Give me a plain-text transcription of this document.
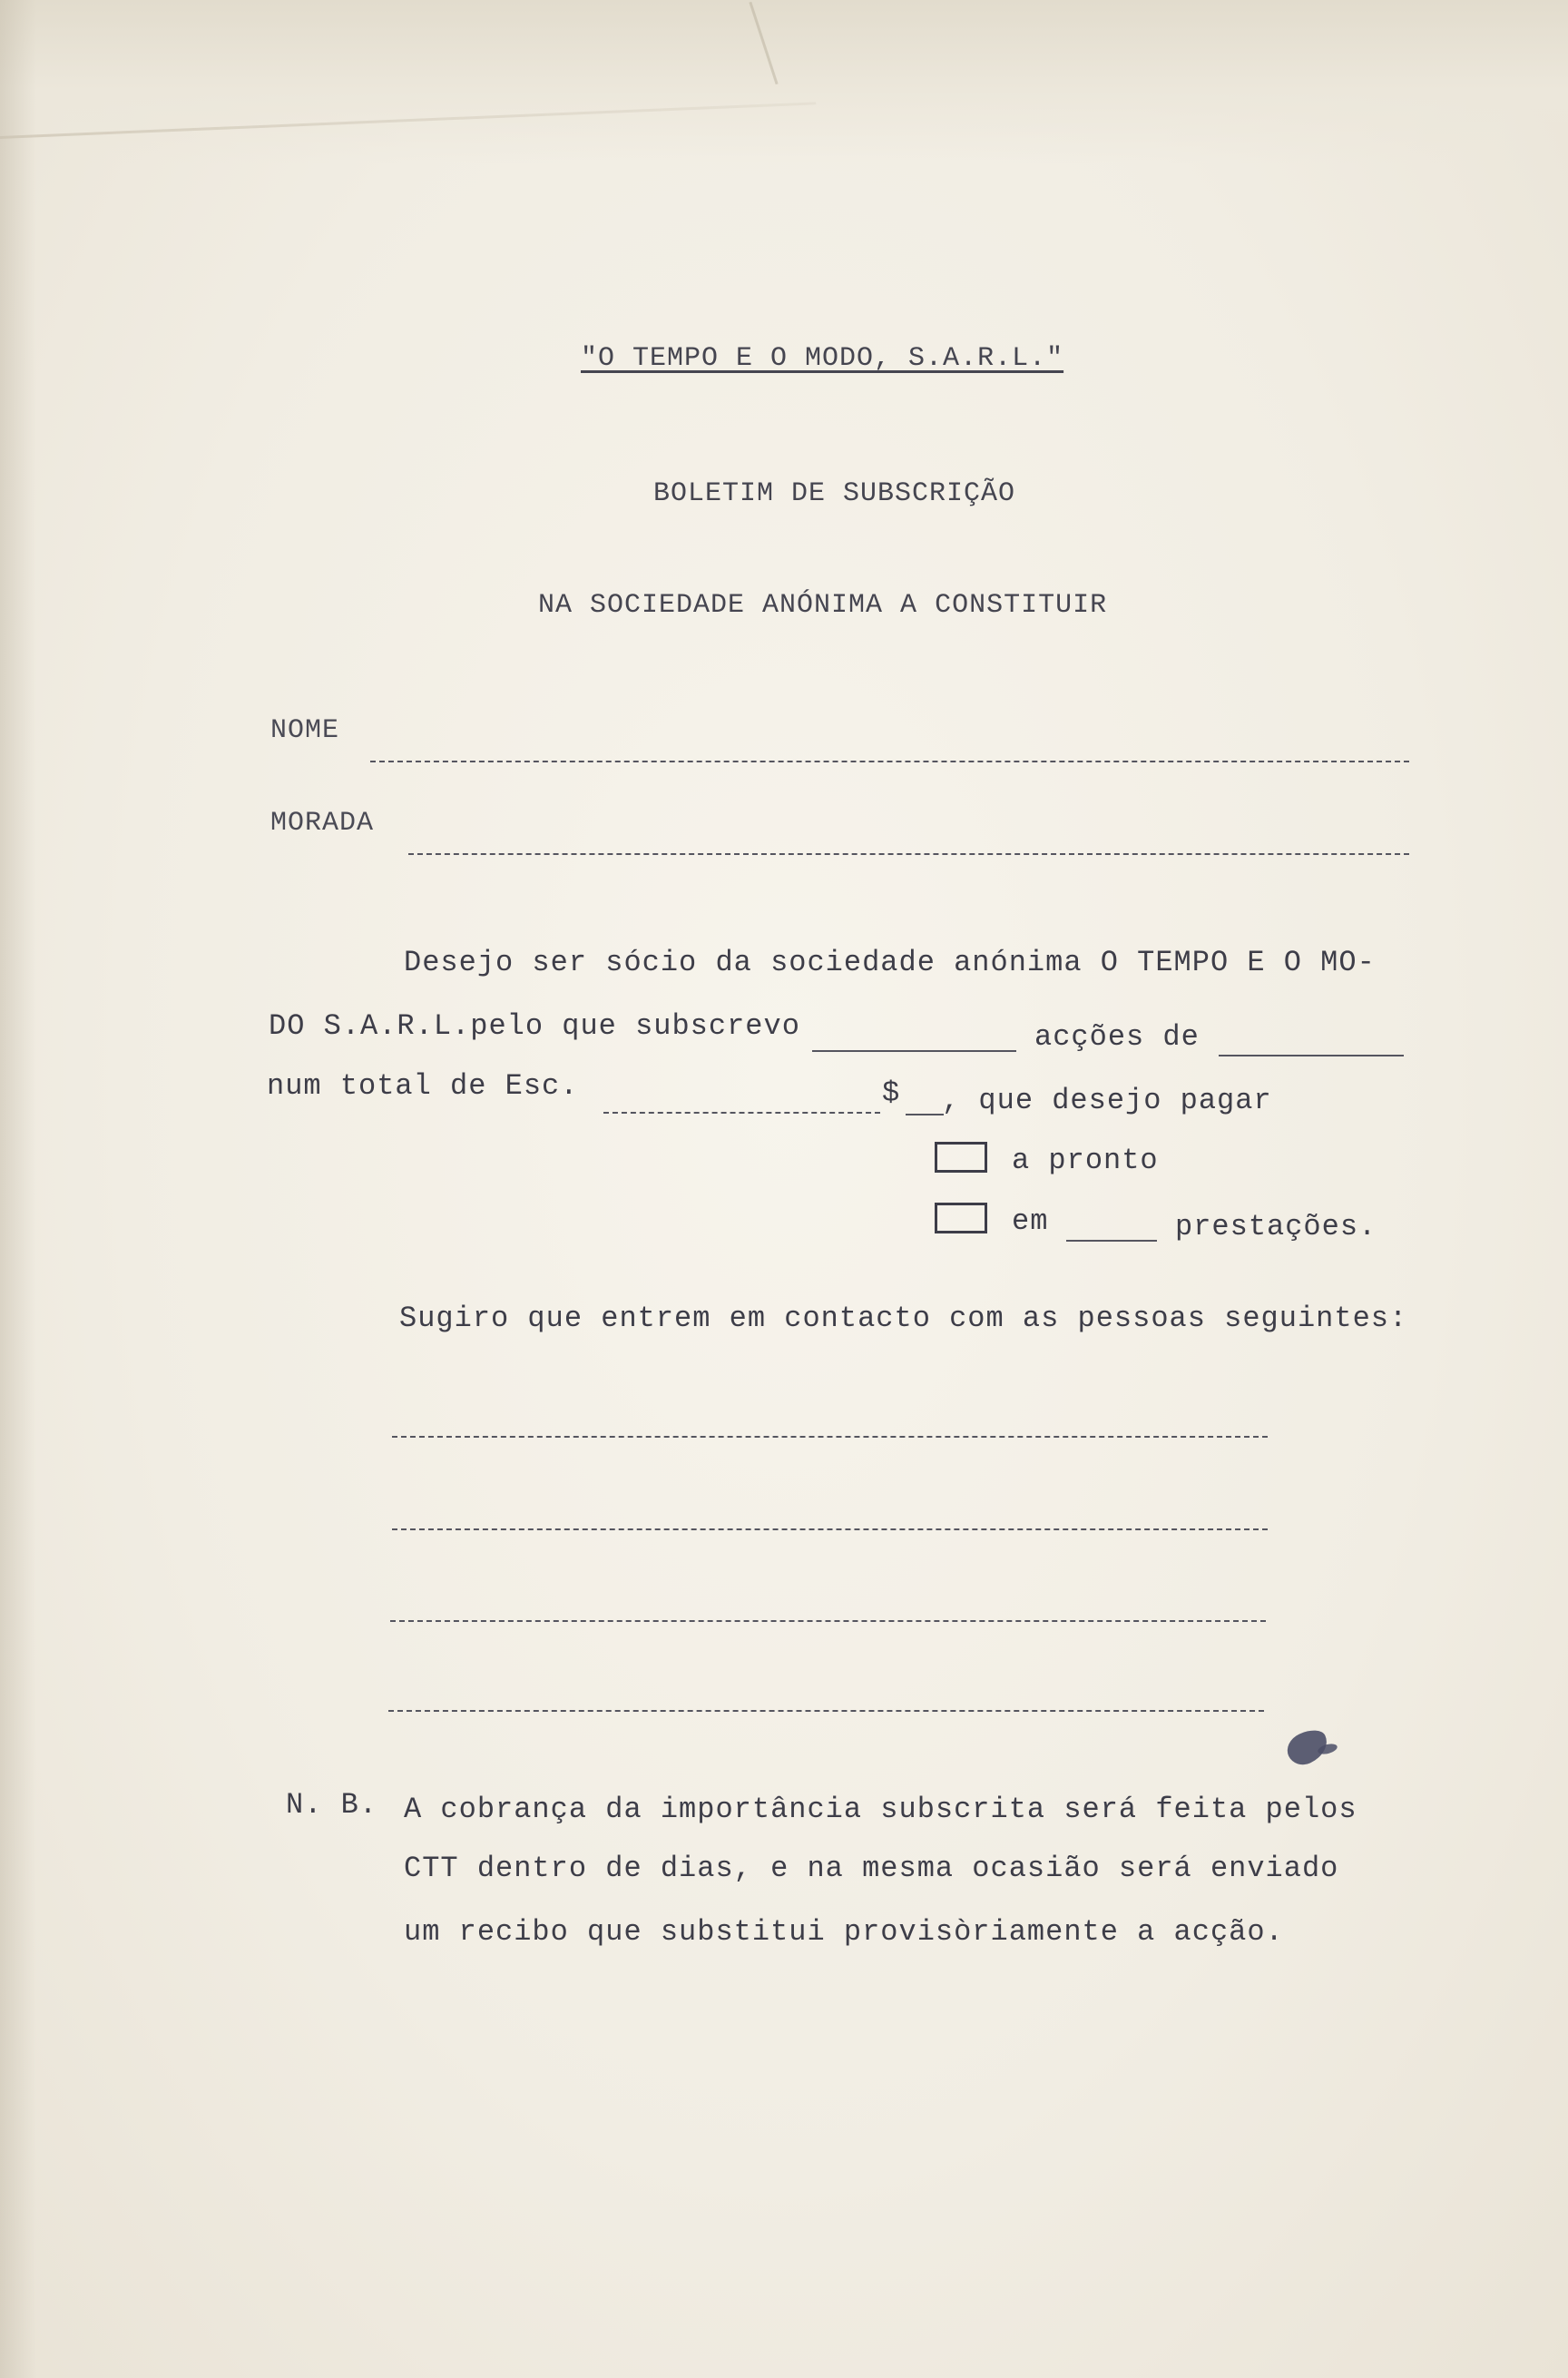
"O TEMPO E O MODO, S.A.R.L."
BOLETIM DE SUBSCRIÇÃO
NA SOCIEDADE ANÓNIMA A CONSTITUIR
NOME
MORADA
Desejo ser sócio da sociedade anónima O TEMPO E O MO-
DO S.A.R.L.pelo que subscrevo	acções de
num total de Esc.	$ , que desejo pagar
a pronto
em	prestações.
Sugiro que entrem em contacto com as pessoas seguintes:
N. B. A cobrança da importância subscrita será feita pelos
CTT dentro de dias, e na mesma ocasião será enviado
um recibo que substitui provisòriamente a acção.
